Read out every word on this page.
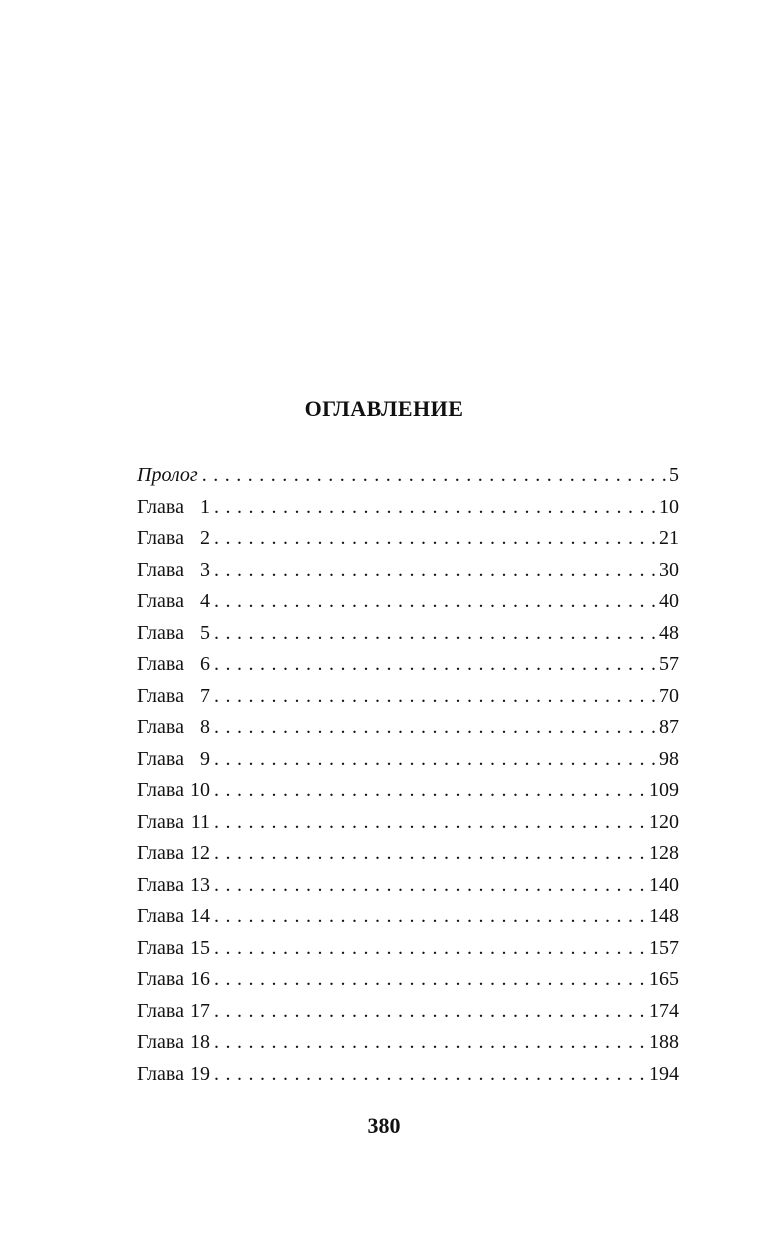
ОГЛАВЛЕНИЕ
Пролог . . .	5
Глава 1 . . .	10
Глава 2 . . .	21
Глава 3 . . .	30
Глава 4 . . .	40
Глава 5 . . .	48
Глава 6 . . .	57
Глава 7 . . .	70
Глава 8 . . .	87
Глава 9 . . .	98
Глава 10 . . .	109
Глава 11 . . .	120
Глава 12 . . .	128
Глава 13 . . .	140
Глава 14 . . .	148
Глава 15 . . .	157
Глава 16 . . .	165
Глава 17 . . .	174
Глава 18 . . .	188
Глава 19 . . .	194
380
